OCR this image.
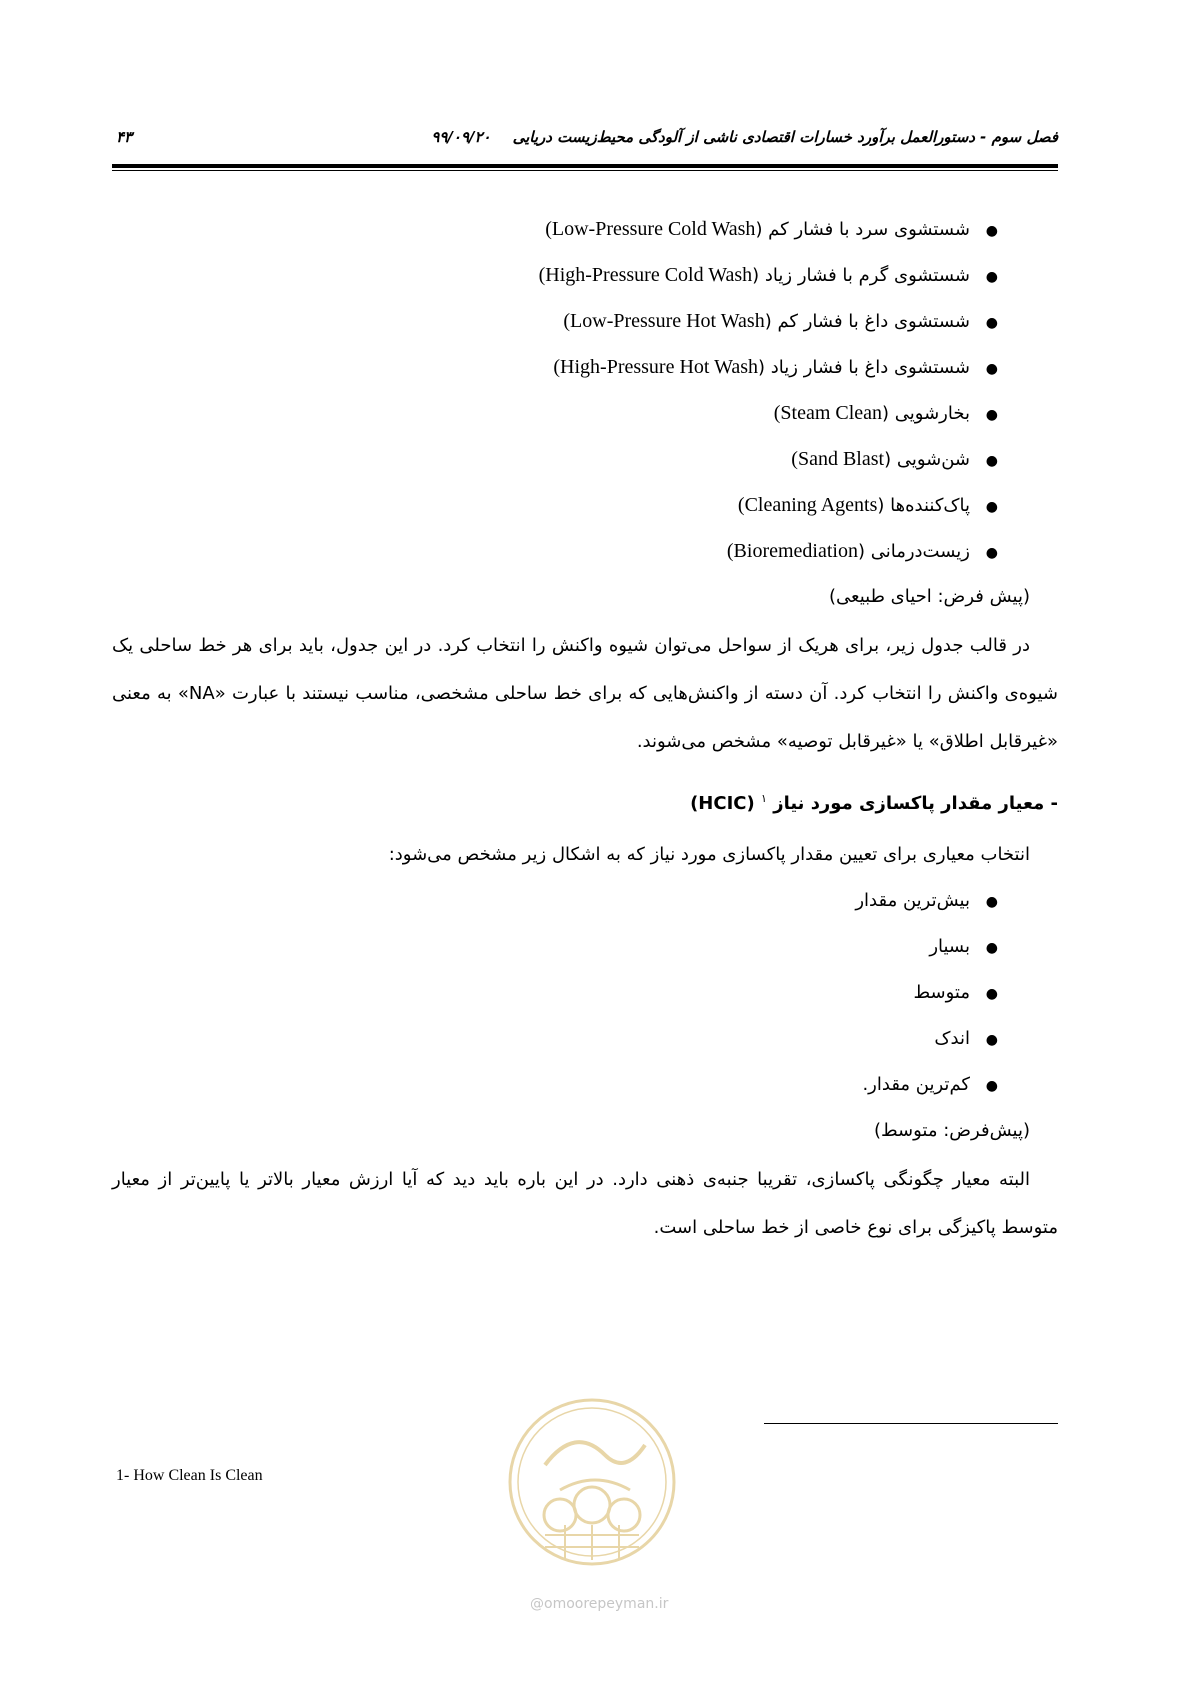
فصل سوم - دستورالعمل برآورد خسارات اقتصادی ناشی از آلودگی محیط‌زیست دریایی۹۹/۰۹/۲۰
۴۳
●شستشوی سرد با فشار کم (Low-Pressure Cold Wash)
●شستشوی گرم با فشار زیاد (High-Pressure Cold Wash)
●شستشوی داغ با فشار کم (Low-Pressure Hot Wash)
●شستشوی داغ با فشار زیاد (High-Pressure Hot Wash)
●بخارشویی (Steam Clean)
●شن‌شویی (Sand Blast)
●پاک‌کننده‌ها (Cleaning Agents)
●زیست‌درمانی (Bioremediation)
(پیش فرض: احیای طبیعی)

در قالب جدول زیر، برای هریک از سواحل می‌توان شیوه واکنش را انتخاب کرد. در این جدول، باید برای هر خط ساحلی یک شیوه‌ی واکنش را انتخاب کرد. آن دسته از واکنش‌هایی که برای خط ساحلی مشخصی، مناسب نیستند با عبارت «NA» به معنی «غیرقابل اطلاق» یا «غیرقابل توصیه» مشخص می‌شوند.

- معیار مقدار پاکسازی مورد نیاز $^۱$ (HCIC)
انتخاب معیاری برای تعیین مقدار پاکسازی مورد نیاز که به اشکال زیر مشخص می‌شود:
●بیش‌ترین مقدار
●بسیار
●متوسط
●اندک
●کم‌ترین مقدار.
(پیش‌فرض: متوسط)

البته معیار چگونگی پاکسازی، تقریبا جنبه‌ی ذهنی دارد. در این باره باید دید که آیا ارزش معیار بالاتر یا پایین‌تر از معیار متوسط پاکیزگی برای نوع خاصی از خط ساحلی است.

1- How Clean Is Clean
@omoorepeyman.ir
